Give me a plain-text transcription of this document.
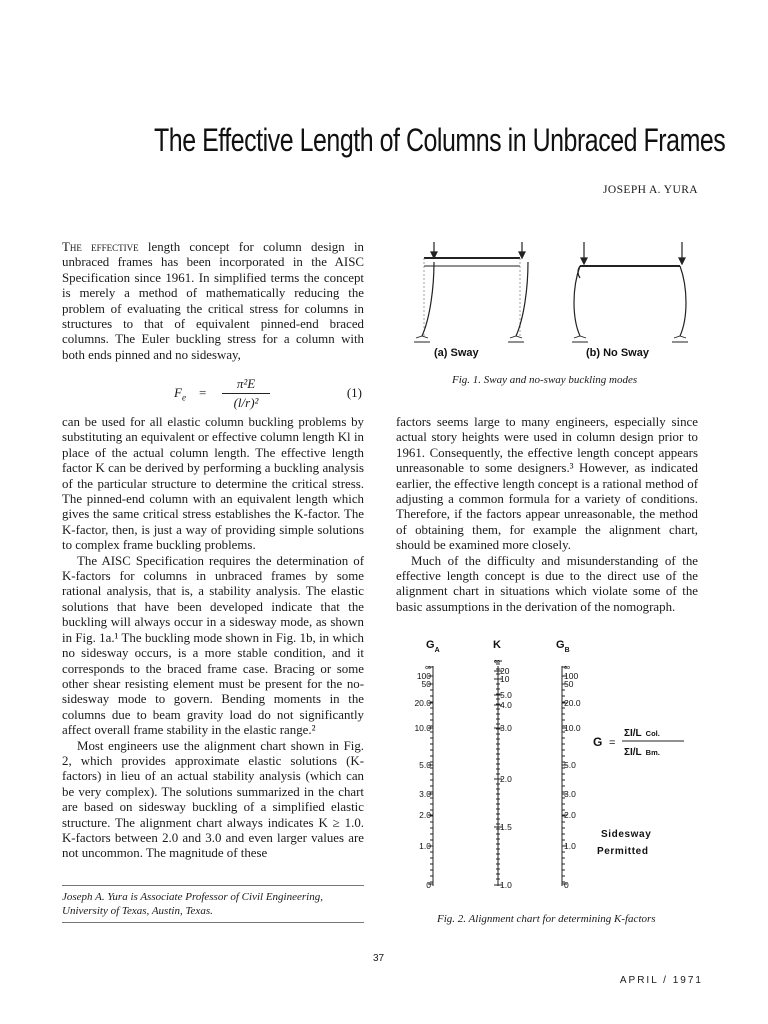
The Effective Length of Columns in Unbraced Frames
JOSEPH A. YURA

The effective length concept for column design in unbraced frames has been incorporated in the AISC Specification since 1961. In simplified terms the concept is merely a method of mathematically reducing the problem of evaluating the critical stress for columns in structures to that of equivalent pinned-end braced columns. The Euler buckling stress for a column with both ends pinned and no sidesway,

$F_e$ =
π²E
(l/r)²
(1)

can be used for all elastic column buckling problems by substituting an equivalent or effective column length Kl in place of the actual column length. The effective length factor K can be derived by performing a buckling analysis of the particular structure to determine the critical stress. The pinned-end column with an equivalent length which gives the same critical stress establishes the K-factor. The K-factor, then, is just a way of providing simple solutions to complex frame buckling problems.

The AISC Specification requires the determination of K-factors for columns in unbraced frames by some rational analysis, that is, a stability analysis. The elastic solutions that have been developed indicate that the buckling will always occur in a sidesway mode, as shown in Fig. 1a.¹ The buckling mode shown in Fig. 1b, in which no sidesway occurs, is a more stable condition, and it corresponds to the braced frame case. Bracing or some other shear resisting element must be present for the no-sidesway mode to govern. Bending moments in the columns due to beam gravity load do not significantly affect overall frame stability in the elastic range.²

Most engineers use the alignment chart shown in Fig. 2, which provides approximate elastic solutions (K-factors) in lieu of an actual stability analysis (which can be very complex). The solutions summarized in the chart are based on sidesway buckling of a simplified elastic structure. The alignment chart always indicates K ≥ 1.0. K-factors between 2.0 and 3.0 and even larger values are not uncommon. The magnitude of these

factors seems large to many engineers, especially since actual story heights were used in column design prior to 1961. Consequently, the effective length concept appears unreasonable to some designers.³ However, as indicated earlier, the effective length concept is a rational method of adjusting a common formula for a variety of conditions. Therefore, if the factors appear unreasonable, the method of obtaining them, for example the alignment chart, should be examined more closely.

Much of the difficulty and misunderstanding of the effective length concept is due to the direct use of the alignment chart in situations which violate some of the basic assumptions in the derivation of the nomograph.

(a) Sway	(b) No Sway
Fig. 1. Sway and no-sway buckling modes
$G_A$	K	$G_B$
∞
100
50
20.0
10.0
5.0
3.0
2.0
1.0
0
∞
20
10
5.0
4.0
3.0
2.0
1.5
1.0
∞
100
50
20.0
10.0
5.0
3.0
2.0
1.0
0
G =
ΣI/L Col.
ΣI/L Bm.
Sidesway
Permitted
Fig. 2. Alignment chart for determining K-factors
Joseph A. Yura is Associate Professor of Civil Engineering, University of Texas, Austin, Texas.
37
APRIL / 1971
